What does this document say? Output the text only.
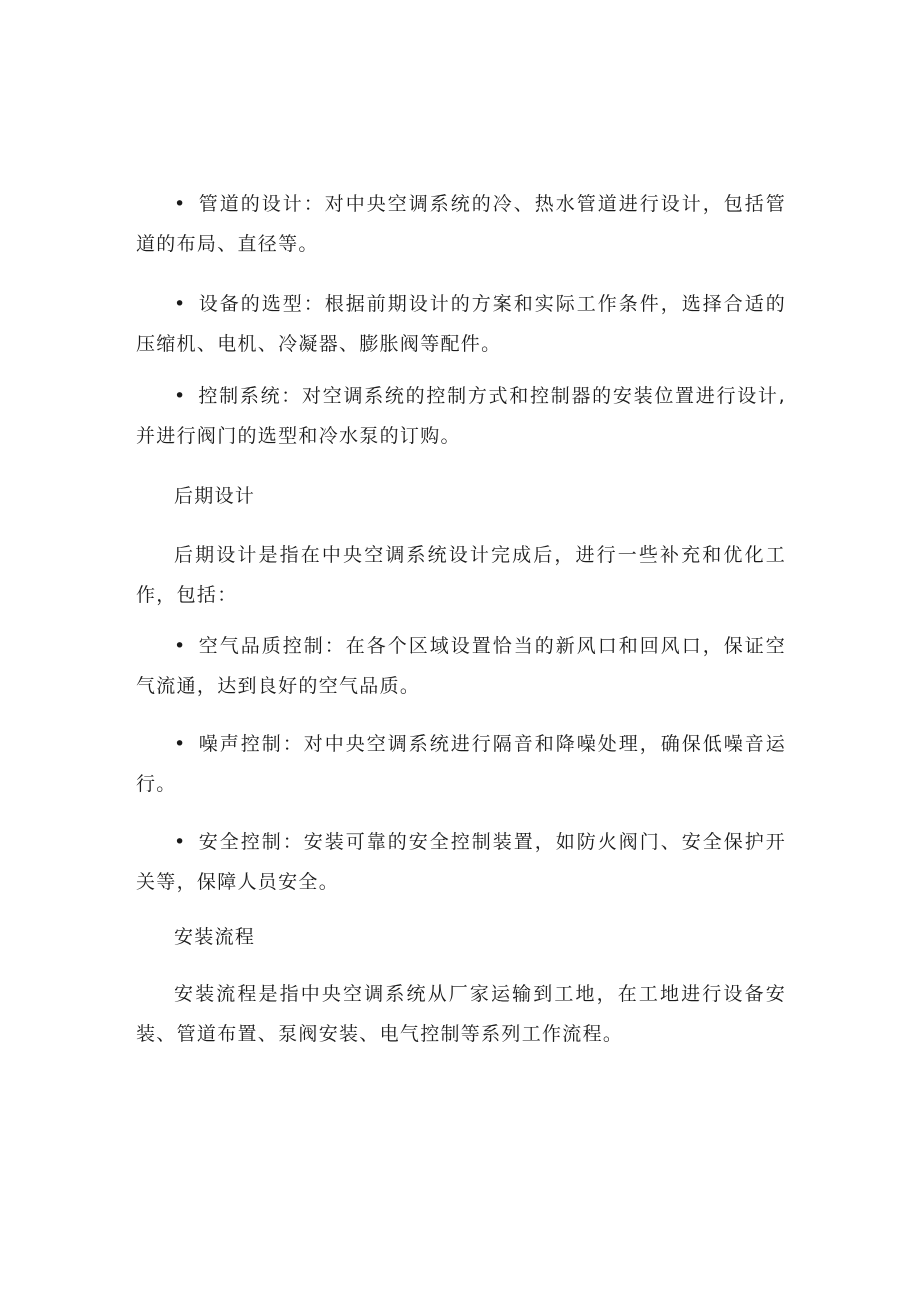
• 管道的设计：对中央空调系统的冷、热水管道进行设计，包括管道的布局、直径等。

• 设备的选型：根据前期设计的方案和实际工作条件，选择合适的压缩机、电机、冷凝器、膨胀阀等配件。

• 控制系统：对空调系统的控制方式和控制器的安装位置进行设计,并进行阀门的选型和冷水泵的订购。

后期设计

后期设计是指在中央空调系统设计完成后，进行一些补充和优化工作，包括：

• 空气品质控制：在各个区域设置恰当的新风口和回风口，保证空气流通，达到良好的空气品质。

• 噪声控制：对中央空调系统进行隔音和降噪处理，确保低噪音运行。

• 安全控制：安装可靠的安全控制装置，如防火阀门、安全保护开关等，保障人员安全。

安装流程

安装流程是指中央空调系统从厂家运输到工地，在工地进行设备安装、管道布置、泵阀安装、电气控制等系列工作流程。
